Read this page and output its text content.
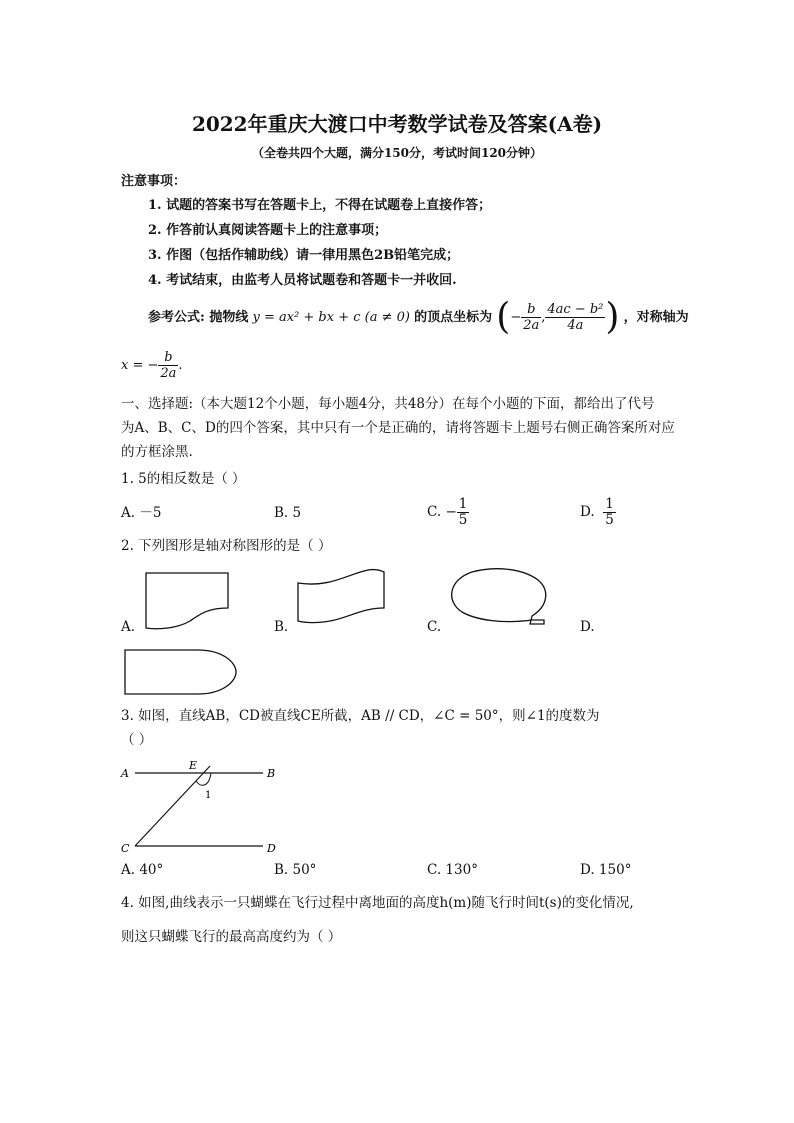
2022年重庆大渡口中考数学试卷及答案(A卷)
（全卷共四个大题，满分150分，考试时间120分钟）
注意事项：
1. 试题的答案书写在答题卡上，不得在试题卷上直接作答；
2. 作答前认真阅读答题卡上的注意事项；
3. 作图（包括作辅助线）请一律用黑色2B铅笔完成；
4. 考试结束，由监考人员将试题卷和答题卡一并收回.
参考公式: 抛物线 y = ax² + bx + c (a ≠ 0) 的顶点坐标为 (− $\frac{b}{2a}$ , $\frac{\text{4ac − b²}}{4a}$ ) ，对称轴为
x = − $\frac{b}{2a}$ .
一、选择题:（本大题12个小题，每小题4分，共48分）在每个小题的下面，都给出了代号
为A、B、C、D的四个答案，其中只有一个是正确的，请将答题卡上题号右侧正确答案所对应
的方框涂黑.
1. 5的相反数是（ ）
A. －5	B. 5	C. − $\frac{1}{5}$	D. $\frac{1}{5}$
2. 下列图形是轴对称图形的是（ ）
A.	B.	C.	D.
3. 如图，直线AB，CD被直线CE所截，AB // CD，∠C = 50°，则∠1的度数为
（ ）
A	B
C	D
E
1
A. 40°	B. 50°	C. 130°	D. 150°
4. 如图,曲线表示一只蝴蝶在飞行过程中离地面的高度h(m)随飞行时间t(s)的变化情况,
则这只蝴蝶飞行的最高高度约为（ ）
